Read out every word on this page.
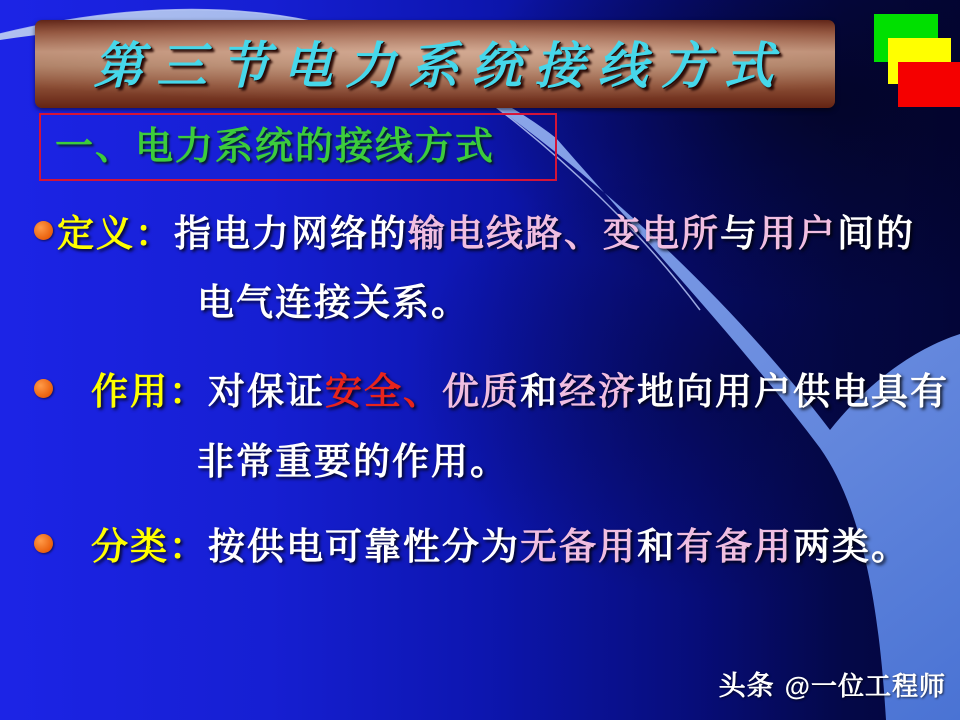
第三节电力系统接线方式
一、电力系统的接线方式
定义：指电力网络的输电线路、变电所与用户间的
电气连接关系。
作用：对保证安全、优质和经济地向用户供电具有
非常重要的作用。
分类：按供电可靠性分为无备用和有备用两类。
头条 @一位工程师
